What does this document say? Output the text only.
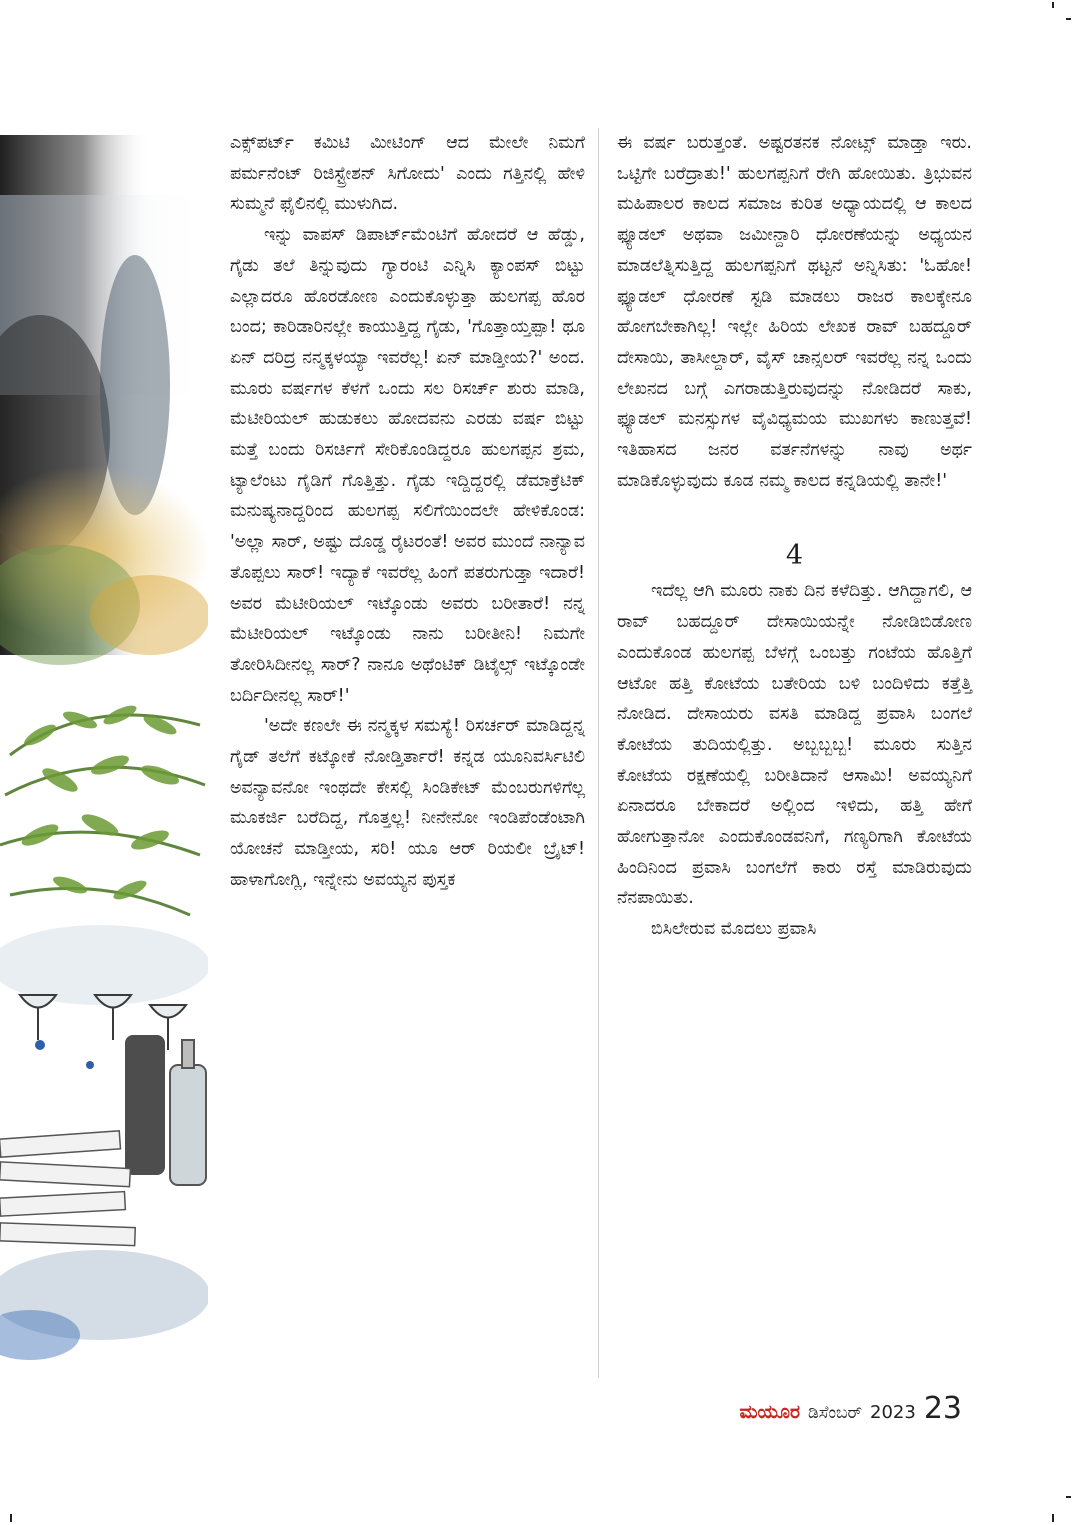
ಎಕ್ಸ್‌ಪರ್ಟ್ ಕಮಿಟಿ ಮೀಟಿಂಗ್ ಆದ ಮೇಲೇ ನಿಮಗೆ ಪರ್ಮನೆಂಟ್ ರಿಜಿಸ್ಟ್ರೇಶನ್ ಸಿಗೋದು' ಎಂದು ಗತ್ತಿನಲ್ಲಿ ಹೇಳಿ ಸುಮ್ಮನೆ ಫೈಲಿನಲ್ಲಿ ಮುಳುಗಿದ.

ಇನ್ನು ವಾಪಸ್ ಡಿಪಾರ್ಟ್‌ಮೆಂಟಿಗೆ ಹೋದರೆ ಆ ಹೆಡ್ಡು, ಗೈಡು ತಲೆ ತಿನ್ನುವುದು ಗ್ಯಾರಂಟಿ ಎನ್ನಿಸಿ ಕ್ಯಾಂಪಸ್ ಬಿಟ್ಟು ಎಲ್ಲಾದರೂ ಹೊರಡೋಣ ಎಂದುಕೊಳ್ಳುತ್ತಾ ಹುಲಗಪ್ಪ ಹೊರ ಬಂದ; ಕಾರಿಡಾರಿನಲ್ಲೇ ಕಾಯುತ್ತಿದ್ದ ಗೈಡು, 'ಗೊತ್ತಾಯ್ತಪ್ಪಾ! ಥೂ ಏನ್ ದರಿದ್ರ ನನ್ಮಕ್ಕಳಯ್ಯಾ ಇವರೆಲ್ಲ! ಏನ್ ಮಾಡ್ತೀಯ?' ಅಂದ. ಮೂರು ವರ್ಷಗಳ ಕೆಳಗೆ ಒಂದು ಸಲ ರಿಸರ್ಚ್ ಶುರು ಮಾಡಿ, ಮೆಟೀರಿಯಲ್ ಹುಡುಕಲು ಹೋದವನು ಎರಡು ವರ್ಷ ಬಿಟ್ಟು ಮತ್ತೆ ಬಂದು ರಿಸರ್ಚಿಗೆ ಸೇರಿಕೊಂಡಿದ್ದರೂ ಹುಲಗಪ್ಪನ ಶ್ರಮ, ಟ್ಯಾಲೆಂಟು ಗೈಡಿಗೆ ಗೊತ್ತಿತ್ತು. ಗೈಡು ಇದ್ದಿದ್ದರಲ್ಲಿ ಡೆಮಾಕ್ರೆಟಿಕ್ ಮನುಷ್ಯನಾದ್ದರಿಂದ ಹುಲಗಪ್ಪ ಸಲಿಗೆಯಿಂದಲೇ ಹೇಳಿಕೊಂಡ: 'ಅಲ್ಲಾ ಸಾರ್, ಅಷ್ಟು ದೊಡ್ಡ ರೈಟರಂತೆ! ಅವರ ಮುಂದೆ ನಾನ್ಯಾವ ತೊಪ್ಪಲು ಸಾರ್! ಇದ್ಯಾಕೆ ಇವರೆಲ್ಲ ಹಿಂಗೆ ಪತರುಗುಡ್ತಾ ಇದಾರೆ! ಅವರ ಮೆಟೀರಿಯಲ್ ಇಟ್ಕೊಂಡು ಅವರು ಬರೀತಾರೆ! ನನ್ನ ಮೆಟೀರಿಯಲ್ ಇಟ್ಕೊಂಡು ನಾನು ಬರೀತೀನಿ! ನಿಮಗೇ ತೋರಿಸಿದೀನಲ್ಲ ಸಾರ್? ನಾನೂ ಅಥೆಂಟಿಕ್ ಡಿಟೈಲ್ಸ್ ಇಟ್ಕೊಂಡೇ ಬರ್ದಿದೀನಲ್ಲ ಸಾರ್!'

'ಅದೇ ಕಣಲೇ ಈ ನನ್ಮಕ್ಕಳ ಸಮಸ್ಯೆ! ರಿಸರ್ಚರ್ ಮಾಡಿದ್ದನ್ನ ಗೈಡ್ ತಲೆಗೆ ಕಟ್ಕೋಕೆ ನೋಡ್ತಿರ್ತಾರೆ! ಕನ್ನಡ ಯೂನಿವರ್ಸಿಟಿಲಿ ಅವನ್ಯಾವನೋ ಇಂಥದೇ ಕೇಸಲ್ಲಿ ಸಿಂಡಿಕೇಟ್ ಮೆಂಬರುಗಳಿಗೆಲ್ಲ ಮೂಕರ್ಜಿ ಬರೆದಿದ್ದ, ಗೊತ್ತಲ್ಲ! ನೀನೇನೋ ಇಂಡಿಪೆಂಡೆಂಟಾಗಿ ಯೋಚನೆ ಮಾಡ್ತೀಯ, ಸರಿ! ಯೂ ಆರ್ ರಿಯಲೀ ಬ್ರೈಟ್! ಹಾಳಾಗೋಗ್ಲಿ, ಇನ್ನೇನು ಅವಯ್ಯನ ಪುಸ್ತಕ

ಈ ವರ್ಷ ಬರುತ್ತಂತೆ. ಅಷ್ಟರತನಕ ನೋಟ್ಸ್ ಮಾಡ್ತಾ ಇರು. ಒಟ್ಟಿಗೇ ಬರೆದ್ರಾತು!' ಹುಲಗಪ್ಪನಿಗೆ ರೇಗಿ ಹೋಯಿತು. ತ್ರಿಭುವನ ಮಹಿಪಾಲರ ಕಾಲದ ಸಮಾಜ ಕುರಿತ ಅಧ್ಯಾಯದಲ್ಲಿ ಆ ಕಾಲದ ಫ್ಯೂಡಲ್ ಅಥವಾ ಜಮೀನ್ದಾರಿ ಧೋರಣೆಯನ್ನು ಅಧ್ಯಯನ ಮಾಡಲೆತ್ನಿಸುತ್ತಿದ್ದ ಹುಲಗಪ್ಪನಿಗೆ ಥಟ್ಟನೆ ಅನ್ನಿಸಿತು: 'ಓಹೋ! ಫ್ಯೂಡಲ್ ಧೋರಣೆ ಸ್ಟಡಿ ಮಾಡಲು ರಾಜರ ಕಾಲಕ್ಕೇನೂ ಹೋಗಬೇಕಾಗಿಲ್ಲ! ಇಲ್ಲೇ ಹಿರಿಯ ಲೇಖಕ ರಾವ್ ಬಹದ್ದೂರ್ ದೇಸಾಯಿ, ತಾಸೀಲ್ದಾರ್, ವೈಸ್ ಚಾನ್ಸಲರ್ ಇವರೆಲ್ಲ ನನ್ನ ಒಂದು ಲೇಖನದ ಬಗ್ಗೆ ಎಗರಾಡುತ್ತಿರುವುದನ್ನು ನೋಡಿದರೆ ಸಾಕು, ಫ್ಯೂಡಲ್ ಮನಸ್ಸುಗಳ ವೈವಿಧ್ಯಮಯ ಮುಖಗಳು ಕಾಣುತ್ತವೆ! ಇತಿಹಾಸದ ಜನರ ವರ್ತನೆಗಳನ್ನು ನಾವು ಅರ್ಥ ಮಾಡಿಕೊಳ್ಳುವುದು ಕೂಡ ನಮ್ಮ ಕಾಲದ ಕನ್ನಡಿಯಲ್ಲಿ ತಾನೇ!'

4

ಇದೆಲ್ಲ ಆಗಿ ಮೂರು ನಾಕು ದಿನ ಕಳೆದಿತ್ತು. ಆಗಿದ್ದಾಗಲಿ, ಆ ರಾವ್ ಬಹದ್ದೂರ್ ದೇಸಾಯಿಯನ್ನೇ ನೋಡಿಬಿಡೋಣ ಎಂದುಕೊಂಡ ಹುಲಗಪ್ಪ ಬೆಳಗ್ಗೆ ಒಂಬತ್ತು ಗಂಟೆಯ ಹೊತ್ತಿಗೆ ಆಟೋ ಹತ್ತಿ ಕೋಟೆಯ ಬತೇರಿಯ ಬಳಿ ಬಂದಿಳಿದು ಕತ್ತೆತ್ತಿ ನೋಡಿದ. ದೇಸಾಯರು ವಸತಿ ಮಾಡಿದ್ದ ಪ್ರವಾಸಿ ಬಂಗಲೆ ಕೋಟೆಯ ತುದಿಯಲ್ಲಿತ್ತು. ಅಬ್ಬಬ್ಬಬ್ಬ! ಮೂರು ಸುತ್ತಿನ ಕೋಟೆಯ ರಕ್ಷಣೆಯಲ್ಲಿ ಬರೀತಿದಾನೆ ಆಸಾಮಿ! ಅವಯ್ಯನಿಗೆ ಏನಾದರೂ ಬೇಕಾದರೆ ಅಲ್ಲಿಂದ ಇಳಿದು, ಹತ್ತಿ ಹೇಗೆ ಹೋಗುತ್ತಾನೋ ಎಂದುಕೊಂಡವನಿಗೆ, ಗಣ್ಯರಿಗಾಗಿ ಕೋಟೆಯ ಹಿಂದಿನಿಂದ ಪ್ರವಾಸಿ ಬಂಗಲೆಗೆ ಕಾರು ರಸ್ತೆ ಮಾಡಿರುವುದು ನೆನಪಾಯಿತು.

ಬಿಸಿಲೇರುವ ಮೊದಲು ಪ್ರವಾಸಿ

ಮಯೂರ ಡಿಸೆಂಬರ್ 2023 23
